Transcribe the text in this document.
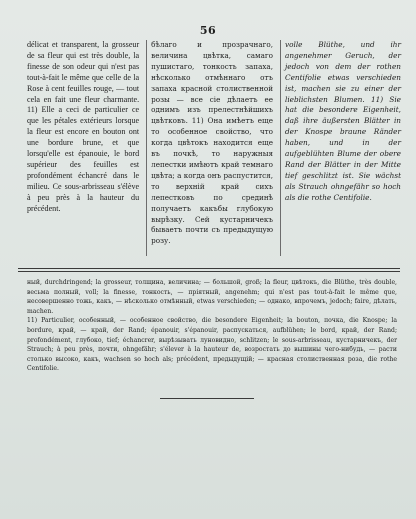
56

délicat et transparent, la grosseur de sa fleur qui est très double, la finesse de son odeur qui n'est pas tout-à-fait le même que celle de la Rose à cent feuilles rouge, — tout cela en fait une fleur charmante. 11) Elle a ceci de particulier ce que les pétales extérieurs lorsque la fleur est encore en bouton ont une bordure brune, et que lorsqu'elle est épanouie, le bord supérieur des feuilles est profondément échancré dans le milieu. Ce sous-arbrisseau s'élève à peu près à la hauteur du précédent.

бѣлаго и прозрачнаго, величина цвѣтка, самаго пушистаго, тонкость запаха, нѣсколько отмѣннаго отъ запаха красной столиственной розы — все сіе дѣлаетъ ее однимъ изъ прелестнѣйшихъ цвѣтковъ. 11) Она имѣетъ еще то особенное свойство, что когда цвѣтокъ находится еще въ почкѣ, то наружныя лепестки имѣютъ край темнаго цвѣта; а когда онъ распустится, то верхній край сихъ лепестковъ по срединѣ получаетъ какъбы глубокую вырѣзку. Сей кустарничекъ бываетъ почти съ предыдущую розу.

volle Blüthe, und ihr angenehmer Geruch, der jedoch von dem der rothen Centifolie etwas verschieden ist, machen sie zu einer der lieblichsten Blumen. 11) Sie hat die besondere Eigenheit, daß ihre äußersten Blätter in der Knospe braune Ränder haben, und in der aufgeblühten Blume der obere Rand der Blätter in der Mitte tief geschlitzt ist. Sie wächst als Strauch ohngefähr so hoch als die rothe Centifolie.

ный, durchdringend; la grosseur, толщина, величина; — большой, groß; la fleur, цвѣтокъ, die Blüthe, très double, весьма полный, voll; la finesse, тонкость, — пріятный, angenehm; qui n'est pas tout-à-fait le même que, несовершенно тожь, какъ, — нѣсколько отмѣнный, etwas verschieden; — однако, впрочемъ, jedoch; faire, дѣлать, machen.

11) Particulier, особенный, — особенное свойство, die besondere Eigenheit; la bouton, почка, die Knospe; la bordure, край, — край, der Rand; épanouir, s'épanouir, распускаться, aufblühen; le bord, край, der Rand; profondément, глубоко, tief; échancrer, вырѣзывать луновидно, schlitzen; le sous-arbrisseau, кустарничекъ, der Strauch; à peu près, почти, ohngefähr; s'élever à la hauteur de, возростать до вышины чего-нибудь, — расти столько высоко, какъ, wachsen so hoch als; précédent, предыдущій; — красная столиственная роза, die rothe Centifolie.
